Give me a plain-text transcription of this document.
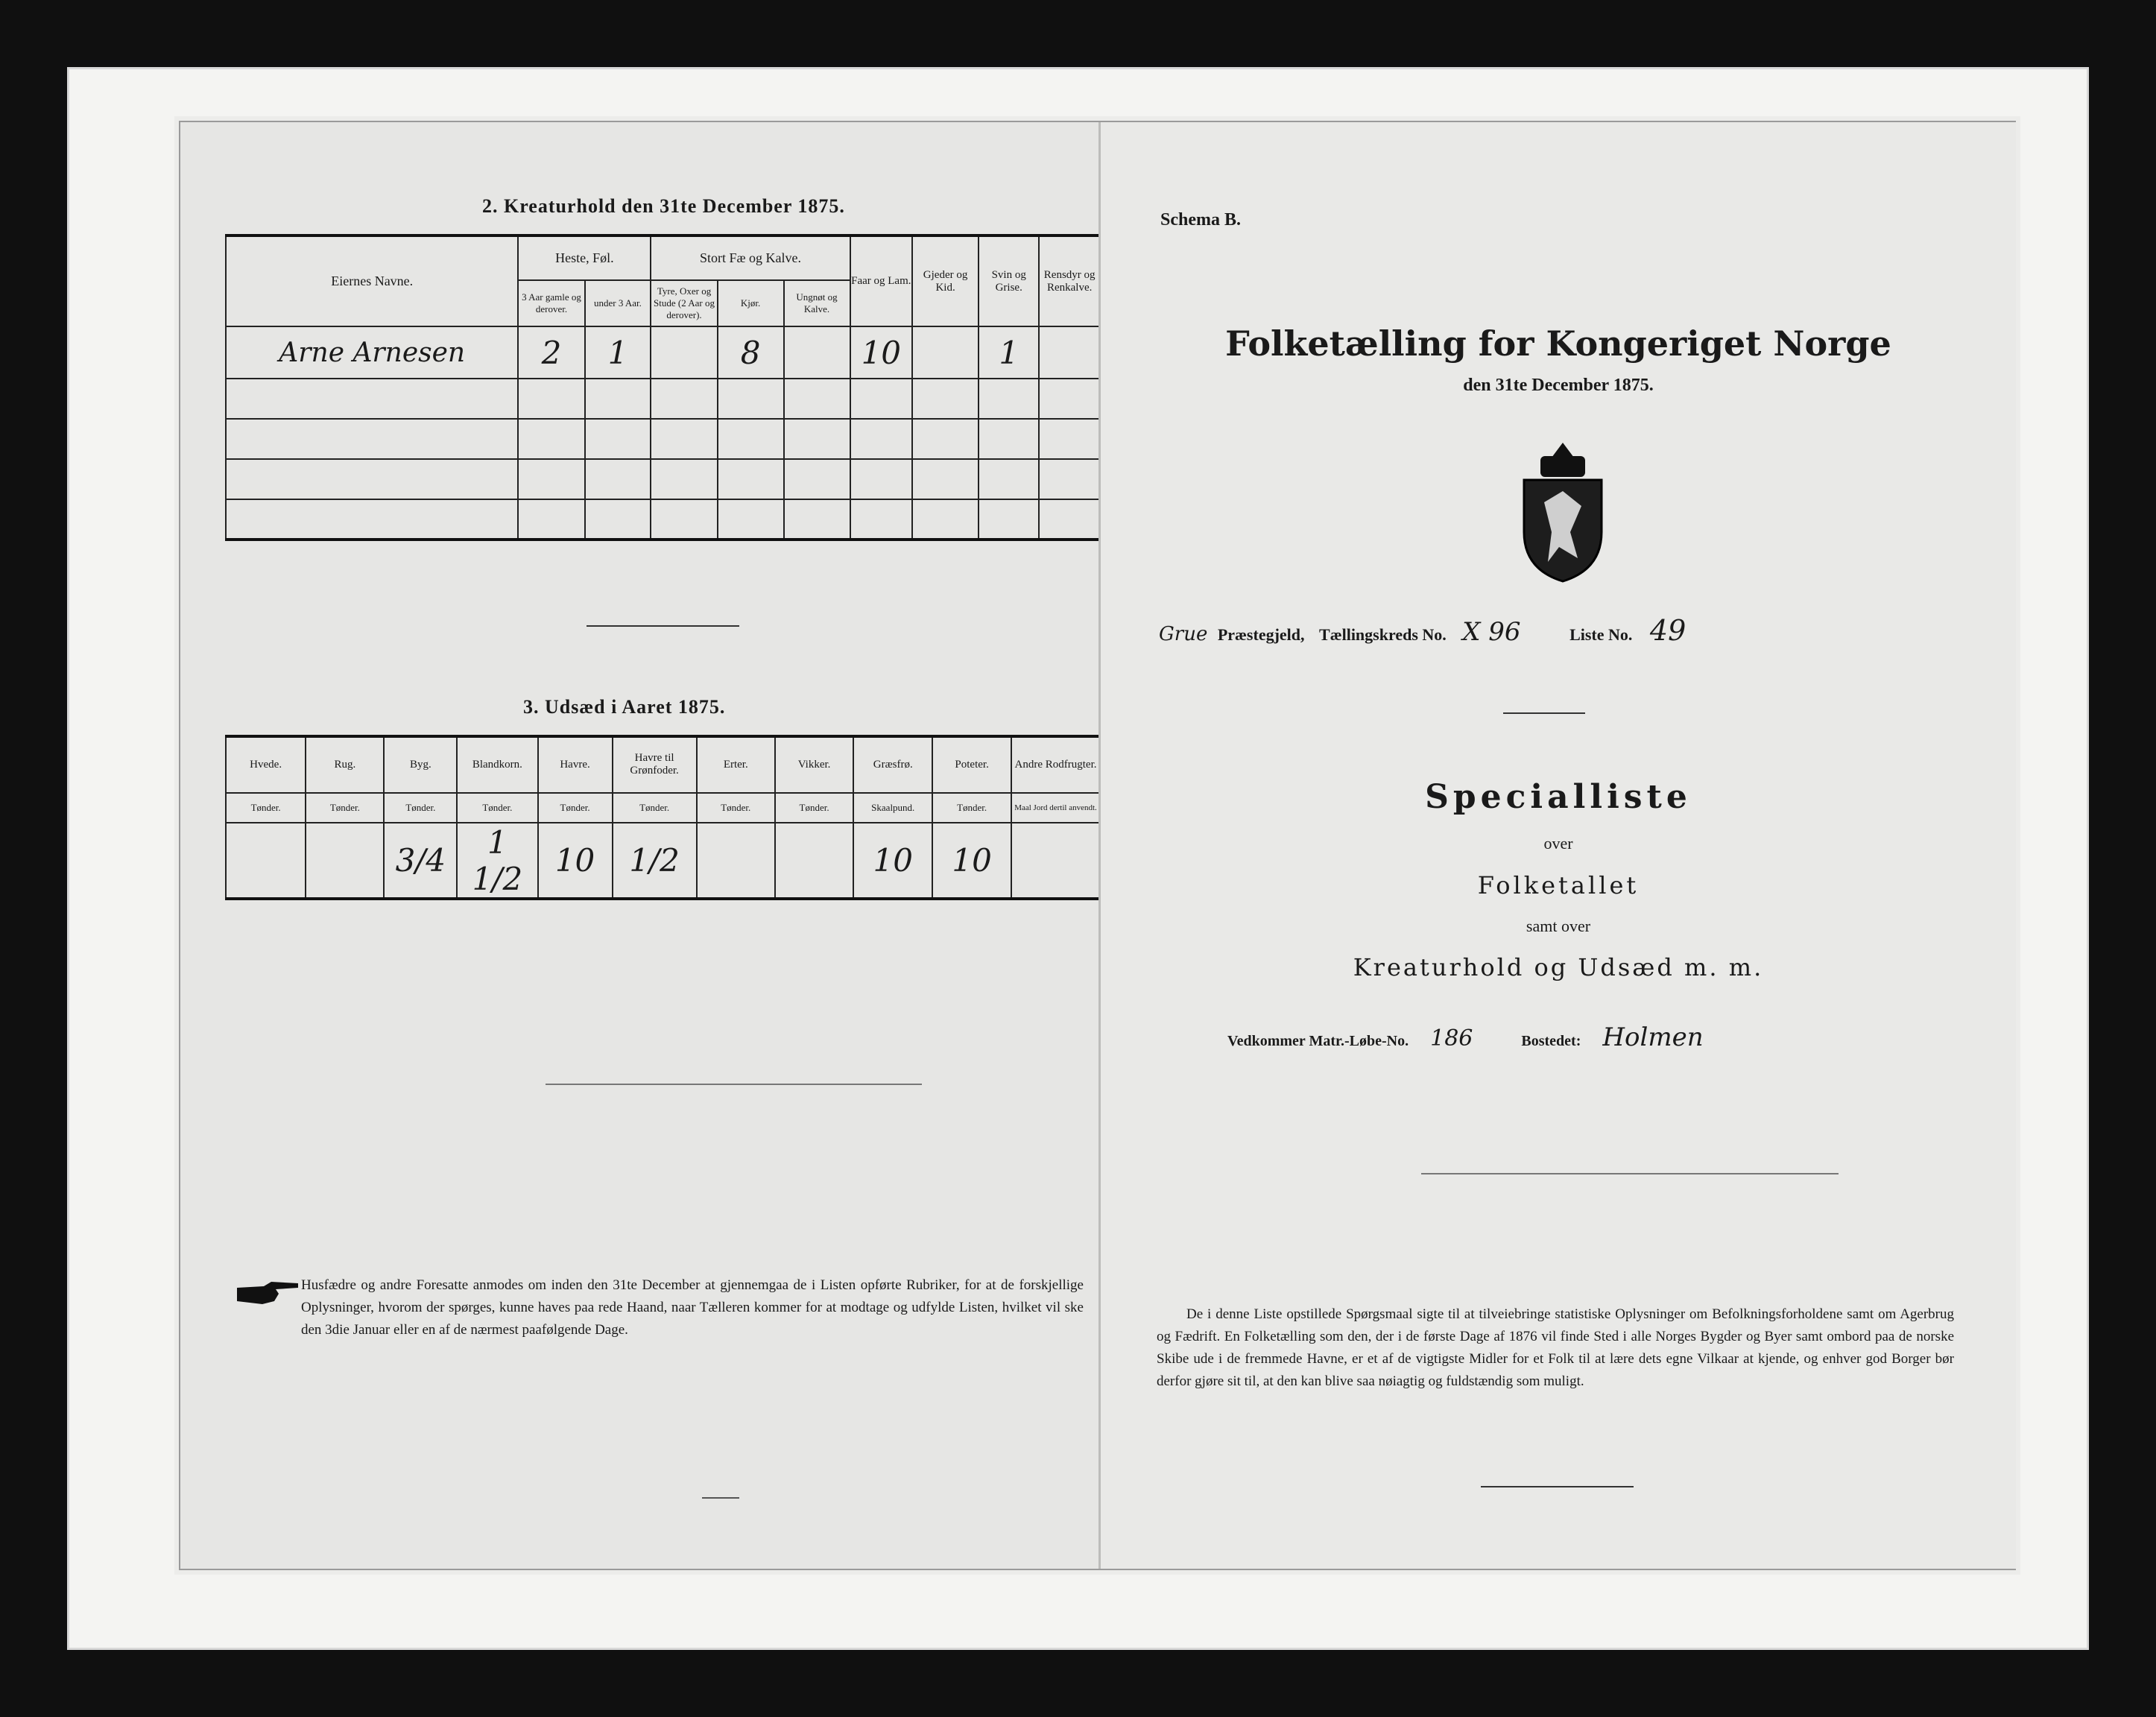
2. Kreaturhold den 31te December 1875.
Eiernes Navne.	Heste, Føl.		Stort Fæ og Kalve.			Faar og Lam.	Gjeder og Kid.	Svin og Grise.	Rensdyr og Renkalve.
	3 Aar gamle og derover.	under 3 Aar.	Tyre, Oxer og Stude (2 Aar og derover).	Kjør.	Ungnøt og Kalve.				
Arne Arnesen	2	1		8		10		1	

3. Udsæd i Aaret 1875.
Hvede.	Rug.	Byg.	Blandkorn.	Havre.	Havre til Grønfoder.	Erter.	Vikker.	Græsfrø.	Poteter.	Andre Rodfrugter.
Tønder.	Tønder.	Tønder.	Tønder.	Tønder.	Tønder.	Tønder.	Tønder.	Skaalpund.	Tønder.	Maal Jord dertil anvendt.
		3/4	1 1/2	10	1/2			10	10	
Husfædre og andre Foresatte anmodes om inden den 31te December at gjennemgaa de i Listen opførte Rubriker, for at de forskjellige Oplysninger, hvorom der spørges, kunne haves paa rede Haand, naar Tælleren kommer for at modtage og udfylde Listen, hvilket vil ske den 3die Januar eller en af de nærmest paafølgende Dage.
Schema B.
Folketælling for Kongeriget Norge
den 31te December 1875.
Grue Præstegjeld, Tællingskreds No. X 96	Liste No. 49
Specialliste
over
Folketallet
samt over
Kreaturhold og Udsæd m. m.
Vedkommer Matr.-Løbe-No. 186	Bostedet: Holmen
De i denne Liste opstillede Spørgsmaal sigte til at tilveiebringe statistiske Oplysninger om Befolkningsforholdene samt om Agerbrug og Fædrift. En Folketælling som den, der i de første Dage af 1876 vil finde Sted i alle Norges Bygder og Byer samt ombord paa de norske Skibe ude i de fremmede Havne, er et af de vigtigste Midler for et Folk til at lære dets egne Vilkaar at kjende, og enhver god Borger bør derfor gjøre sit til, at den kan blive saa nøiagtig og fuldstændig som muligt.
